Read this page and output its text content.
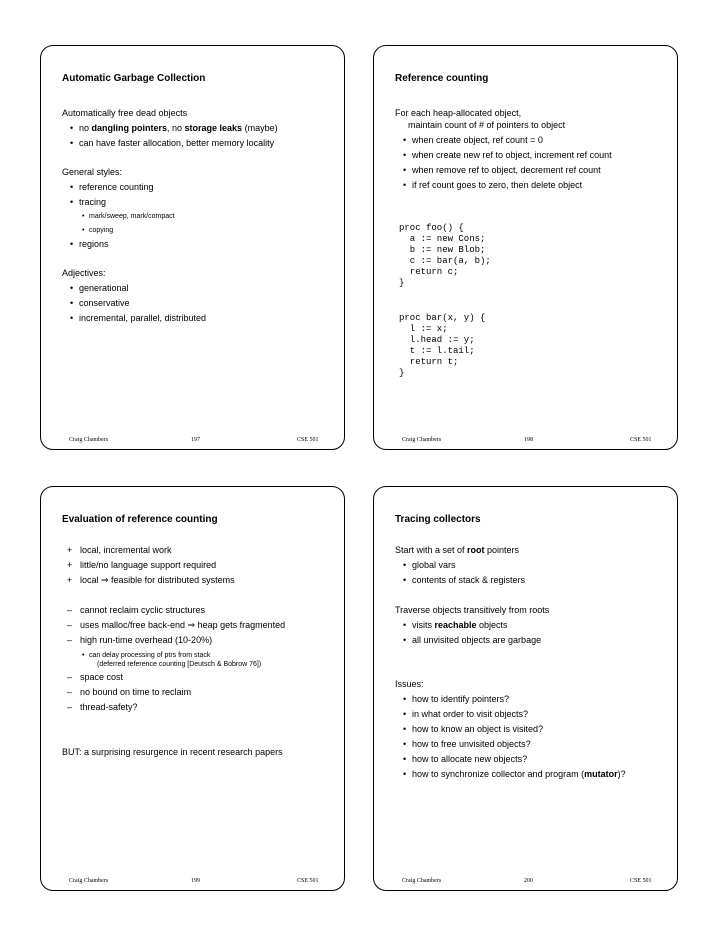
Automatic Garbage Collection
Automatically free dead objects
• no dangling pointers, no storage leaks (maybe)
• can have faster allocation, better memory locality
General styles:
• reference counting
• tracing
• mark/sweep, mark/compact
• copying
• regions
Adjectives:
• generational
• conservative
• incremental, parallel, distributed
Craig Chambers	197	CSE 501
Reference counting
For each heap-allocated object,
maintain count of # of pointers to object
• when create object, ref count = 0
• when create new ref to object, increment ref count
• when remove ref to object, decrement ref count
• if ref count goes to zero, then delete object
proc foo() {
a := new Cons;
b := new Blob;
c := bar(a, b);
return c;
}
proc bar(x, y) {
l := x;
l.head := y;
t := l.tail;
return t;
}
Craig Chambers	198	CSE 501
Evaluation of reference counting
+ local, incremental work
+ little/no language support required
+ local ⇒ feasible for distributed systems
– cannot reclaim cyclic structures
– uses malloc/free back-end ⇒ heap gets fragmented
– high run-time overhead (10-20%)
• can delay processing of ptrs from stack
(deferred reference counting [Deutsch & Bobrow 76])
– space cost
– no bound on time to reclaim
– thread-safety?
BUT: a surprising resurgence in recent research papers
Craig Chambers	199	CSE 501
Tracing collectors
Start with a set of root pointers
• global vars
• contents of stack & registers
Traverse objects transitively from roots
• visits reachable objects
• all unvisited objects are garbage
Issues:
• how to identify pointers?
• in what order to visit objects?
• how to know an object is visited?
• how to free unvisited objects?
• how to allocate new objects?
• how to synchronize collector and program (mutator)?
Craig Chambers	200	CSE 501
